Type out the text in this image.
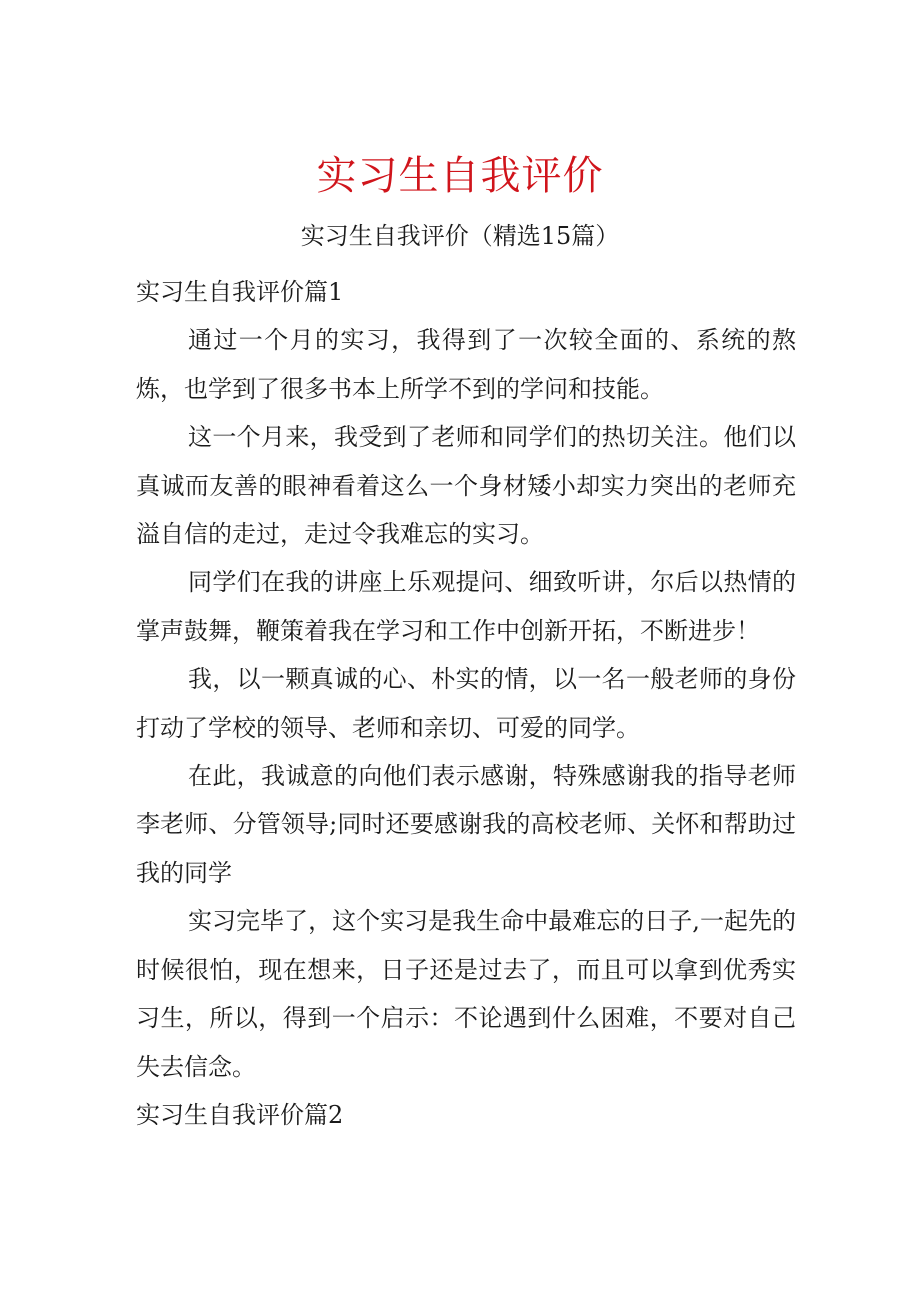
实习生自我评价

实习生自我评价（精选15篇）

实习生自我评价篇1

通过一个月的实习，我得到了一次较全面的、系统的熬炼，也学到了很多书本上所学不到的学问和技能。

这一个月来，我受到了老师和同学们的热切关注。他们以真诚而友善的眼神看着这么一个身材矮小却实力突出的老师充溢自信的走过，走过令我难忘的实习。

同学们在我的讲座上乐观提问、细致听讲，尔后以热情的掌声鼓舞，鞭策着我在学习和工作中创新开拓，不断进步！

我，以一颗真诚的心、朴实的情，以一名一般老师的身份打动了学校的领导、老师和亲切、可爱的同学。

在此，我诚意的向他们表示感谢，特殊感谢我的指导老师李老师、分管领导;同时还要感谢我的高校老师、关怀和帮助过我的同学

实习完毕了，这个实习是我生命中最难忘的日子,一起先的时候很怕，现在想来，日子还是过去了，而且可以拿到优秀实习生，所以，得到一个启示：不论遇到什么困难，不要对自己失去信念。

实习生自我评价篇2
